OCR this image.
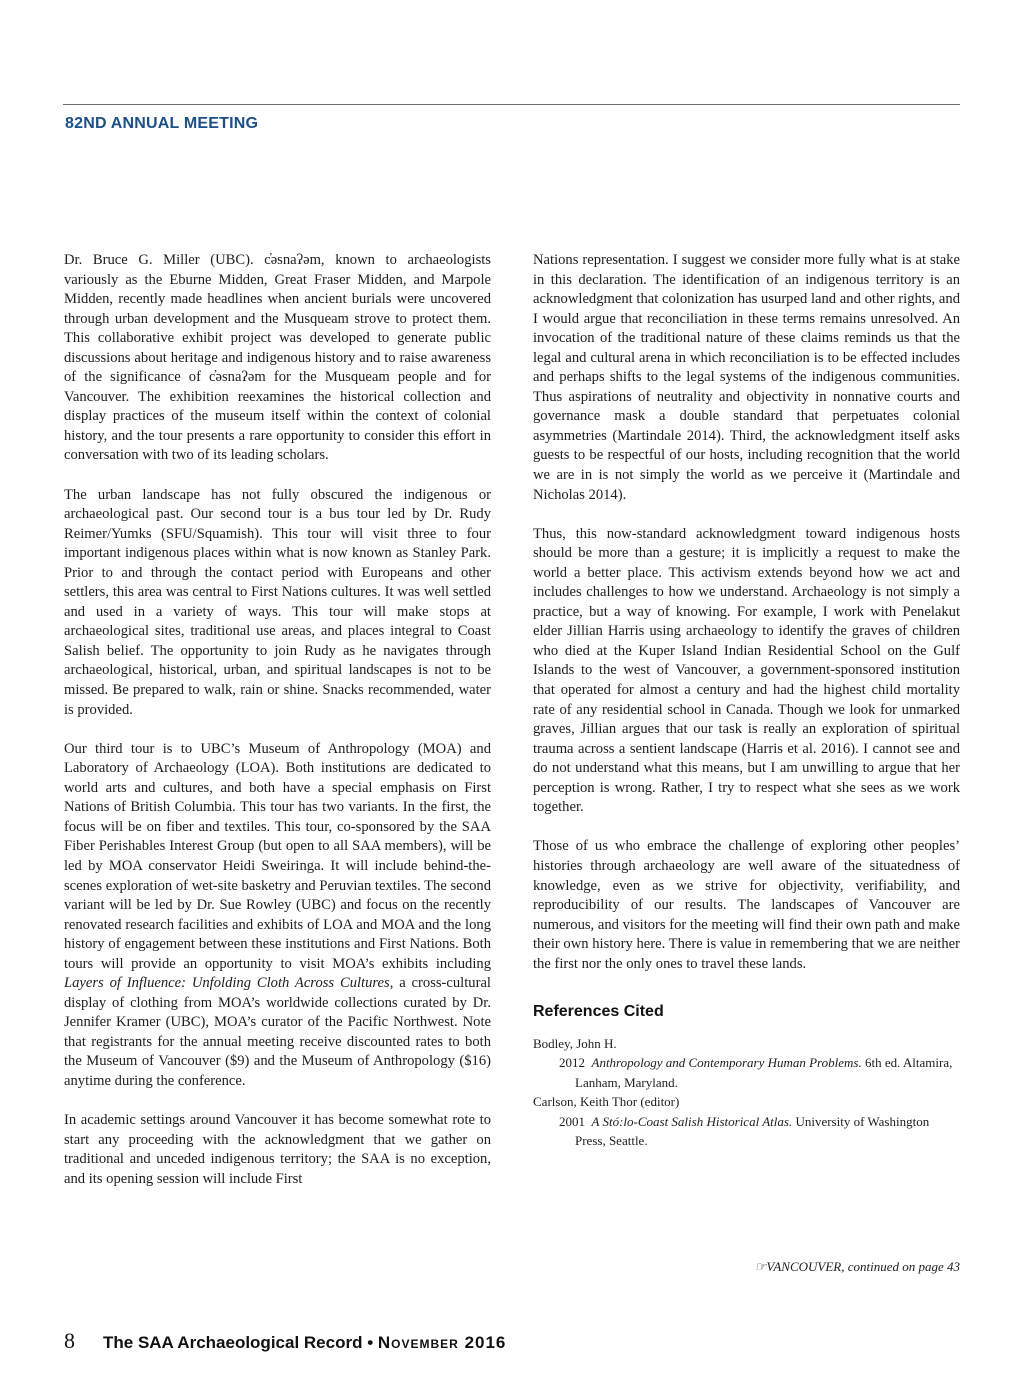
82ND ANNUAL MEETING

Dr. Bruce G. Miller (UBC). c̓əsnaʔəm, known to archaeologists variously as the Eburne Midden, Great Fraser Midden, and Marpole Midden, recently made headlines when ancient burials were uncovered through urban development and the Musqueam strove to protect them. This collaborative exhibit project was developed to generate public discussions about heritage and indigenous history and to raise awareness of the significance of c̓əsnaʔəm for the Musqueam people and for Vancouver. The exhibition reexamines the historical collection and display practices of the museum itself within the context of colonial history, and the tour presents a rare opportunity to consider this effort in conversation with two of its leading scholars.

The urban landscape has not fully obscured the indigenous or archaeological past. Our second tour is a bus tour led by Dr. Rudy Reimer/Yumks (SFU/Squamish). This tour will visit three to four important indigenous places within what is now known as Stanley Park. Prior to and through the contact period with Europeans and other settlers, this area was central to First Nations cultures. It was well settled and used in a variety of ways. This tour will make stops at archaeological sites, traditional use areas, and places integral to Coast Salish belief. The opportunity to join Rudy as he navigates through archaeological, historical, urban, and spiritual landscapes is not to be missed. Be prepared to walk, rain or shine. Snacks recommended, water is provided.

Our third tour is to UBC’s Museum of Anthropology (MOA) and Laboratory of Archaeology (LOA). Both institutions are dedicated to world arts and cultures, and both have a special emphasis on First Nations of British Columbia. This tour has two variants. In the first, the focus will be on fiber and textiles. This tour, co-sponsored by the SAA Fiber Perishables Interest Group (but open to all SAA members), will be led by MOA conservator Heidi Sweiringa. It will include behind-the-scenes exploration of wet-site basketry and Peruvian textiles. The second variant will be led by Dr. Sue Rowley (UBC) and focus on the recently renovated research facilities and exhibits of LOA and MOA and the long history of engagement between these institutions and First Nations. Both tours will provide an opportunity to visit MOA’s exhibits including Layers of Influence: Unfolding Cloth Across Cultures, a cross-cultural display of clothing from MOA’s worldwide collections curated by Dr. Jennifer Kramer (UBC), MOA’s curator of the Pacific Northwest. Note that registrants for the annual meeting receive discounted rates to both the Museum of Vancouver ($9) and the Museum of Anthropology ($16) anytime during the conference.

In academic settings around Vancouver it has become somewhat rote to start any proceeding with the acknowledgment that we gather on traditional and unceded indigenous territory; the SAA is no exception, and its opening session will include First

Nations representation. I suggest we consider more fully what is at stake in this declaration. The identification of an indigenous territory is an acknowledgment that colonization has usurped land and other rights, and I would argue that reconciliation in these terms remains unresolved. An invocation of the traditional nature of these claims reminds us that the legal and cultural arena in which reconciliation is to be effected includes and perhaps shifts to the legal systems of the indigenous communities. Thus aspirations of neutrality and objectivity in nonnative courts and governance mask a double standard that perpetuates colonial asymmetries (Martindale 2014). Third, the acknowledgment itself asks guests to be respectful of our hosts, including recognition that the world we are in is not simply the world as we perceive it (Martindale and Nicholas 2014).

Thus, this now-standard acknowledgment toward indigenous hosts should be more than a gesture; it is implicitly a request to make the world a better place. This activism extends beyond how we act and includes challenges to how we understand. Archaeology is not simply a practice, but a way of knowing. For example, I work with Penelakut elder Jillian Harris using archaeology to identify the graves of children who died at the Kuper Island Indian Residential School on the Gulf Islands to the west of Vancouver, a government-sponsored institution that operated for almost a century and had the highest child mortality rate of any residential school in Canada. Though we look for unmarked graves, Jillian argues that our task is really an exploration of spiritual trauma across a sentient landscape (Harris et al. 2016). I cannot see and do not understand what this means, but I am unwilling to argue that her perception is wrong. Rather, I try to respect what she sees as we work together.

Those of us who embrace the challenge of exploring other peoples’ histories through archaeology are well aware of the situatedness of knowledge, even as we strive for objectivity, verifiability, and reproducibility of our results. The landscapes of Vancouver are numerous, and visitors for the meeting will find their own path and make their own history here. There is value in remembering that we are neither the first nor the only ones to travel these lands.

References Cited
Bodley, John H.
2012 Anthropology and Contemporary Human Problems. 6th ed. Altamira, Lanham, Maryland.
Carlson, Keith Thor (editor)
2001 A Stó:lo-Coast Salish Historical Atlas. University of Washington Press, Seattle.
☞VANCOUVER, continued on page 43
8 The SAA Archaeological Record • November 2016
